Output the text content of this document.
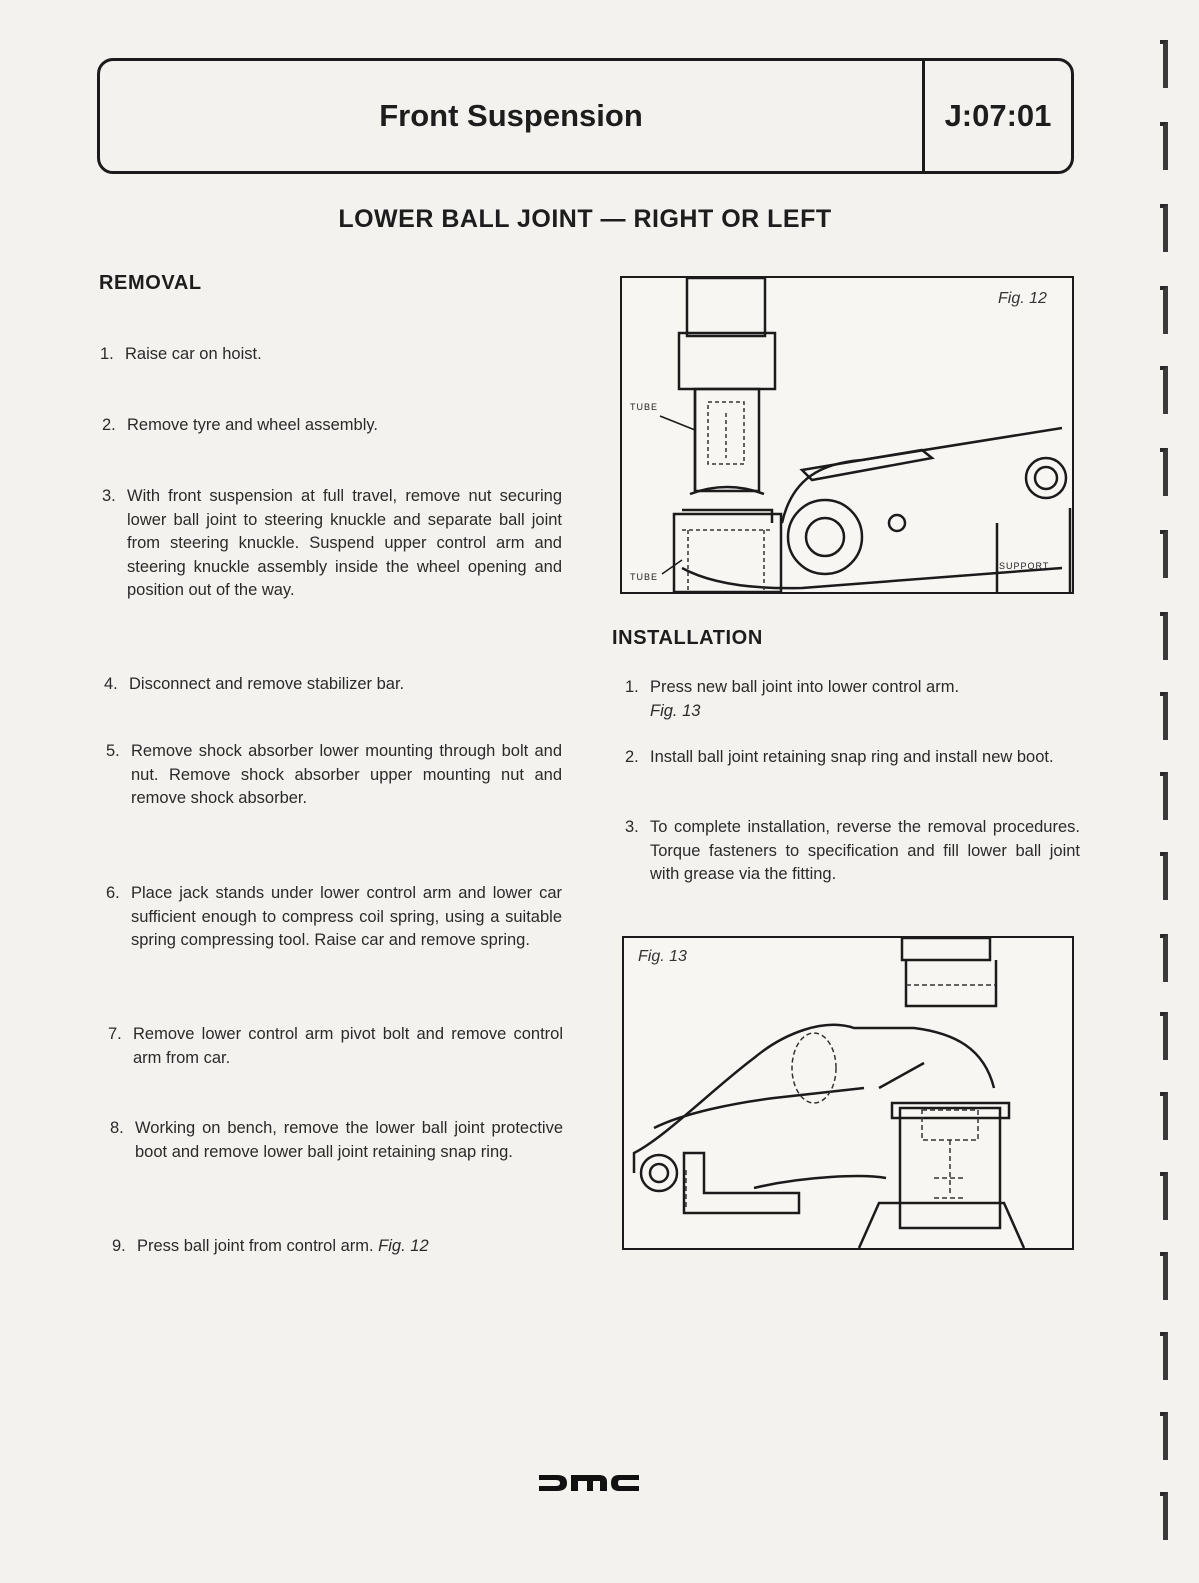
Front Suspension	J:07:01
LOWER BALL JOINT — RIGHT OR LEFT
REMOVAL
1. Raise car on hoist.
2. Remove tyre and wheel assembly.
3. With front suspension at full travel, remove nut securing lower ball joint to steering knuckle and separate ball joint from steering knuckle. Suspend upper control arm and steering knuckle assembly inside the wheel opening and position out of the way.
4. Disconnect and remove stabilizer bar.
5. Remove shock absorber lower mounting through bolt and nut. Remove shock absorber upper mounting nut and remove shock absorber.
6. Place jack stands under lower control arm and lower car sufficient enough to compress coil spring, using a suitable spring compressing tool. Raise car and remove spring.
7. Remove lower control arm pivot bolt and remove control arm from car.
8. Working on bench, remove the lower ball joint protective boot and remove lower ball joint retaining snap ring.
9. Press ball joint from control arm. Fig. 12
Fig. 12
TUBE
TUBE
SUPPORT
INSTALLATION
1. Press new ball joint into lower control arm.
Fig. 13
2. Install ball joint retaining snap ring and install new boot.
3. To complete installation, reverse the removal procedures. Torque fasteners to specification and fill lower ball joint with grease via the fitting.
Fig. 13
